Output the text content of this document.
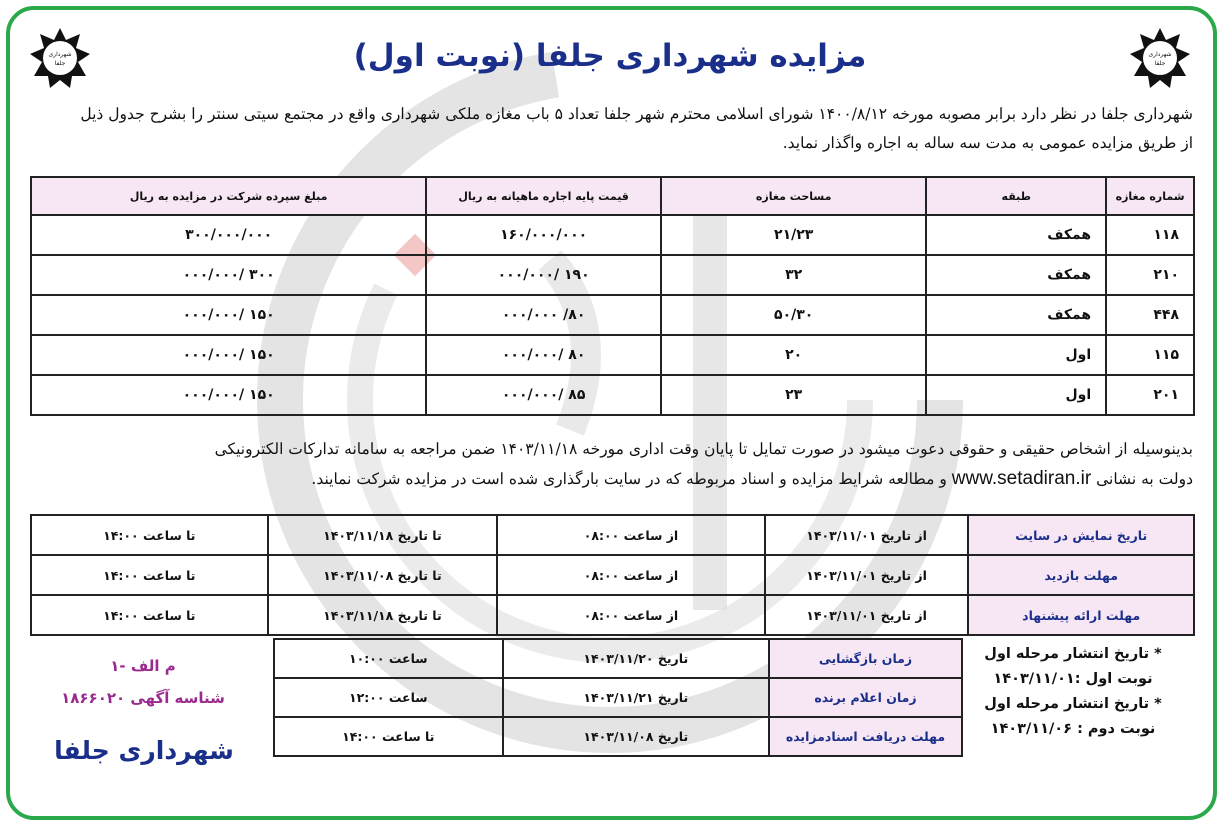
شهرداری
جلفا
شهرداری
جلفا
مزایده شهرداری جلفا (نوبت اول)

شهرداری جلفا در نظر دارد برابر مصوبه مورخه ۱۴۰۰/۸/۱۲ شورای اسلامی محترم شهر جلفا تعداد ۵ باب مغازه ملکی شهرداری واقع در مجتمع سیتی سنتر را بشرح جدول ذیل

از طریق مزایده عمومی به مدت سه ساله به اجاره واگذار نماید.

شماره مغازه	طبقه	مساحت مغازه	قیمت پایه اجاره ماهیانه به ریال	مبلغ سپرده شرکت در مزایده به ریال
۱۱۸	همکف	۲۱/۲۳	۱۶۰/۰۰۰/۰۰۰	۳۰۰/۰۰۰/۰۰۰
۲۱۰	همکف	۳۲	۱۹۰ /۰۰۰/۰۰۰	۳۰۰ /۰۰۰/۰۰۰
۴۴۸	همکف	۵۰/۳۰	۸۰/ ۰۰۰/۰۰۰	۱۵۰ /۰۰۰/۰۰۰
۱۱۵	اول	۲۰	۸۰ /۰۰۰/۰۰۰	۱۵۰ /۰۰۰/۰۰۰
۲۰۱	اول	۲۳	۸۵ /۰۰۰/۰۰۰	۱۵۰ /۰۰۰/۰۰۰

بدینوسیله از اشخاص حقیقی و حقوقی دعوت میشود در صورت تمایل تا پایان وقت اداری مورخه ۱۴۰۳/۱۱/۱۸ ضمن مراجعه به سامانه تدارکات الکترونیکی

دولت به نشانی www.setadiran.ir و مطالعه شرایط مزایده و اسناد مربوطه که در سایت بارگذاری شده است در مزایده شرکت نمایند.

تاریخ نمایش در سایت	از تاریخ ۱۴۰۳/۱۱/۰۱	از ساعت ۰۸:۰۰	تا تاریخ ۱۴۰۳/۱۱/۱۸	تا ساعت ۱۴:۰۰
مهلت بازدید	از تاریخ ۱۴۰۳/۱۱/۰۱	از ساعت ۰۸:۰۰	تا تاریخ ۱۴۰۳/۱۱/۰۸	تا ساعت ۱۴:۰۰
مهلت ارائه پیشنهاد	از تاریخ ۱۴۰۳/۱۱/۰۱	از ساعت ۰۸:۰۰	تا تاریخ ۱۴۰۳/۱۱/۱۸	تا ساعت ۱۴:۰۰
زمان بازگشایی	تاریخ ۱۴۰۳/۱۱/۲۰	ساعت ۱۰:۰۰
زمان اعلام برنده	تاریخ ۱۴۰۳/۱۱/۲۱	ساعت ۱۲:۰۰
مهلت دریافت اسنادمزایده	تاریخ ۱۴۰۳/۱۱/۰۸	تا ساعت ۱۴:۰۰
* تاریخ انتشار مرحله اول
نوبت اول :۱۴۰۳/۱۱/۰۱
* تاریخ انتشار مرحله اول
نوبت دوم : ۱۴۰۳/۱۱/۰۶
م الف -۱
شناسه آگهی ۱۸۶۶۰۲۰
شهرداری جلفا
